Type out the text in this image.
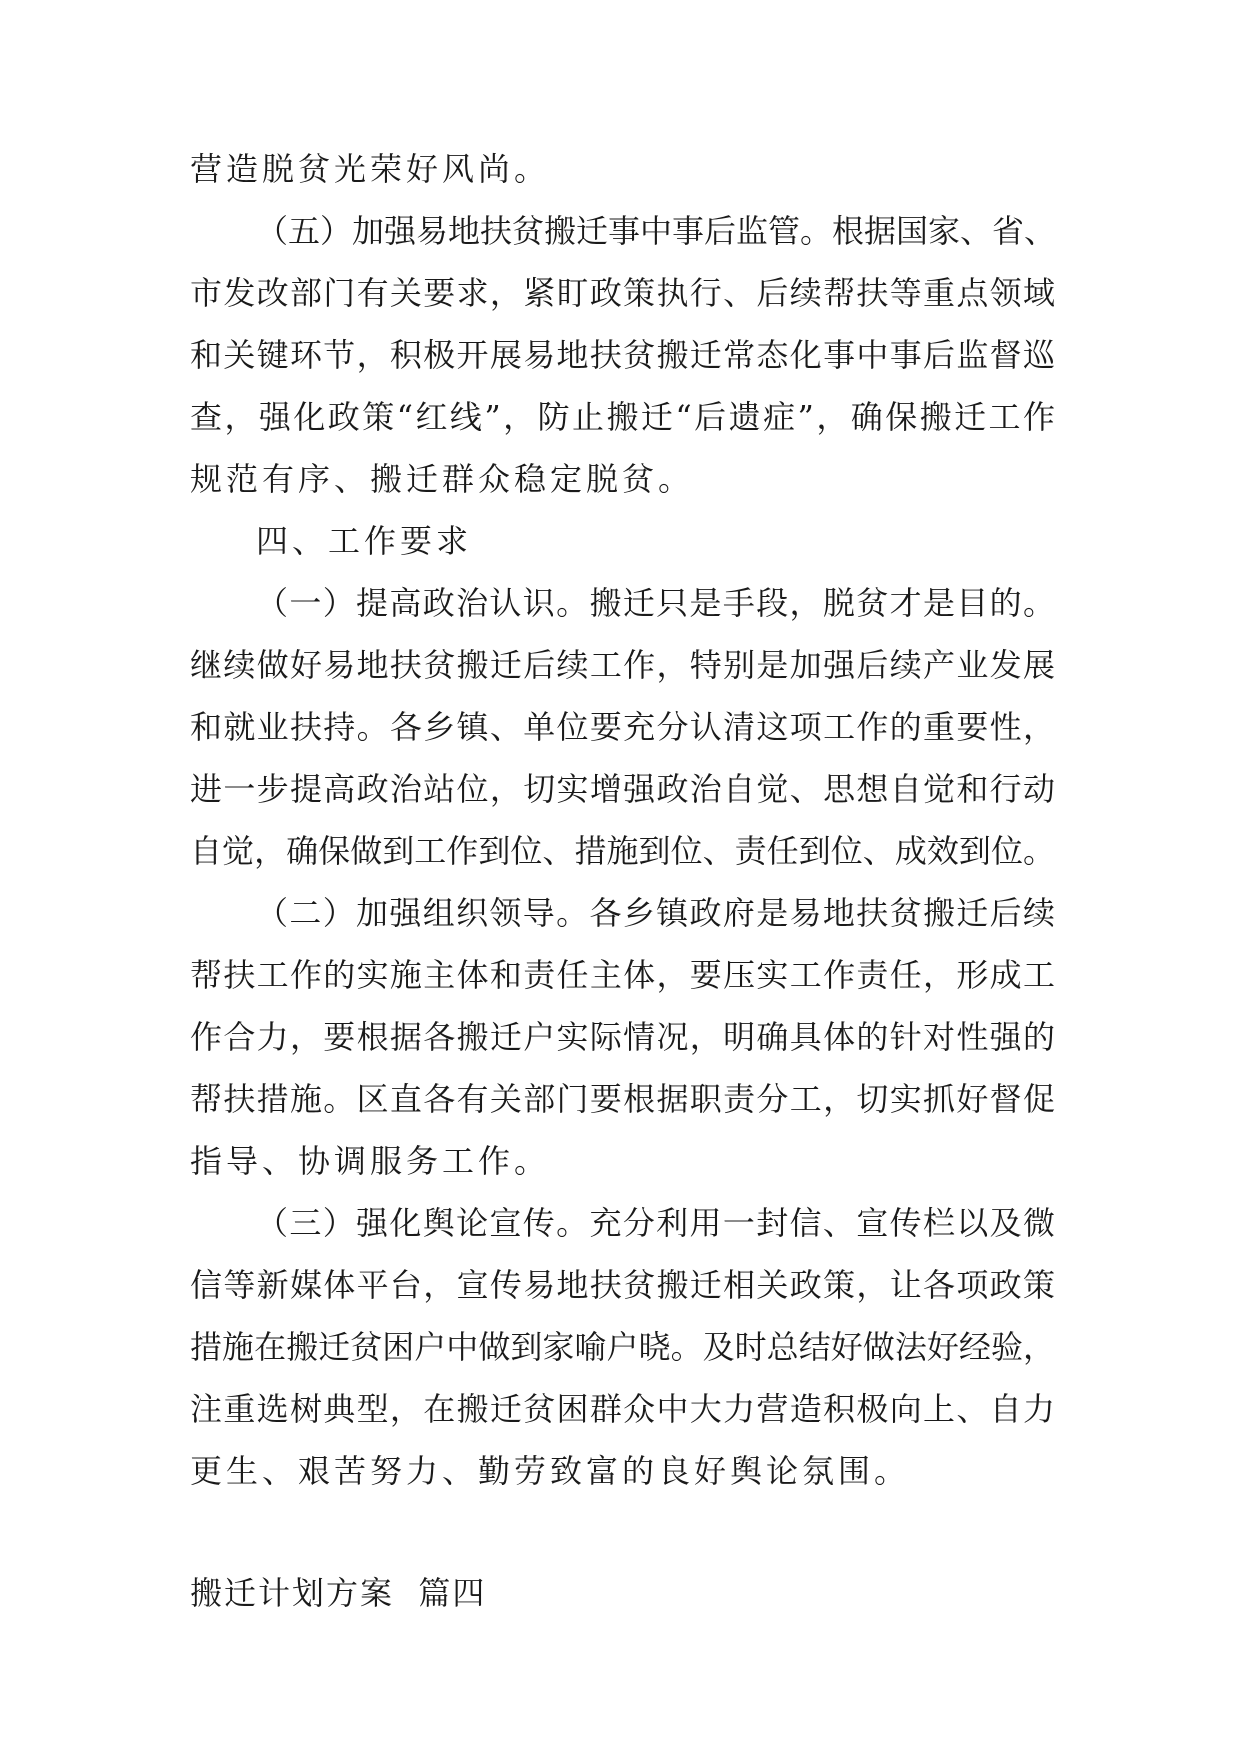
营造脱贫光荣好风尚。
（五）加强易地扶贫搬迁事中事后监管。根据国家、省、
市发改部门有关要求，紧盯政策执行、后续帮扶等重点领域
和关键环节，积极开展易地扶贫搬迁常态化事中事后监督巡
查，强化政策“红线”，防止搬迁“后遗症”，确保搬迁工作
规范有序、搬迁群众稳定脱贫。
四、工作要求
（一）提高政治认识。搬迁只是手段，脱贫才是目的。
继续做好易地扶贫搬迁后续工作，特别是加强后续产业发展
和就业扶持。各乡镇、单位要充分认清这项工作的重要性，
进一步提高政治站位，切实增强政治自觉、思想自觉和行动
自觉，确保做到工作到位、措施到位、责任到位、成效到位。
（二）加强组织领导。各乡镇政府是易地扶贫搬迁后续
帮扶工作的实施主体和责任主体，要压实工作责任，形成工
作合力，要根据各搬迁户实际情况，明确具体的针对性强的
帮扶措施。区直各有关部门要根据职责分工，切实抓好督促
指导、协调服务工作。
（三）强化舆论宣传。充分利用一封信、宣传栏以及微
信等新媒体平台，宣传易地扶贫搬迁相关政策，让各项政策
措施在搬迁贫困户中做到家喻户晓。及时总结好做法好经验，
注重选树典型，在搬迁贫困群众中大力营造积极向上、自力
更生、艰苦努力、勤劳致富的良好舆论氛围。
搬迁计划方案  篇四
